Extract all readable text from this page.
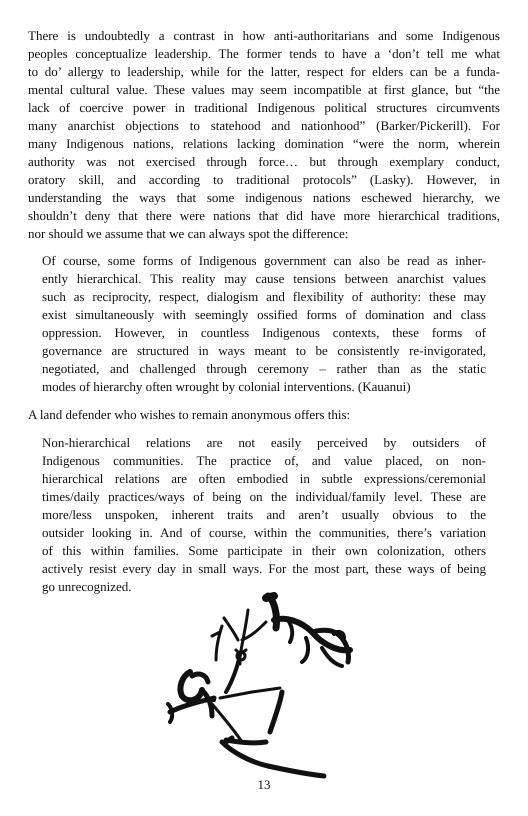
There is undoubtedly a contrast in how anti-authoritarians and some Indigenous
peoples conceptualize leadership. The former tends to have a ‘don’t tell me what
to do’ allergy to leadership, while for the latter, respect for elders can be a funda-
mental cultural value. These values may seem incompatible at first glance, but “the
lack of coercive power in traditional Indigenous political structures circumvents
many anarchist objections to statehood and nationhood” (Barker/Pickerill). For
many Indigenous nations, relations lacking domination “were the norm, wherein
authority was not exercised through force… but through exemplary conduct,
oratory skill, and according to traditional protocols” (Lasky). However, in
understanding the ways that some indigenous nations eschewed hierarchy, we
shouldn’t deny that there were nations that did have more hierarchical traditions,
nor should we assume that we can always spot the difference:
Of course, some forms of Indigenous government can also be read as inher-
ently hierarchical. This reality may cause tensions between anarchist values
such as reciprocity, respect, dialogism and flexibility of authority: these may
exist simultaneously with seemingly ossified forms of domination and class
oppression. However, in countless Indigenous contexts, these forms of
governance are structured in ways meant to be consistently re-invigorated,
negotiated, and challenged through ceremony – rather than as the static
modes of hierarchy often wrought by colonial interventions. (Kauanui)
A land defender who wishes to remain anonymous offers this:
Non-hierarchical relations are not easily perceived by outsiders of
Indigenous communities. The practice of, and value placed, on non-
hierarchical relations are often embodied in subtle expressions/ceremonial
times/daily practices/ways of being on the individual/family level. These are
more/less unspoken, inherent traits and aren’t usually obvious to the
outsider looking in. And of course, within the communities, there’s variation
of this within families. Some participate in their own colonization, others
actively resist every day in small ways. For the most part, these ways of being
go unrecognized.
13
